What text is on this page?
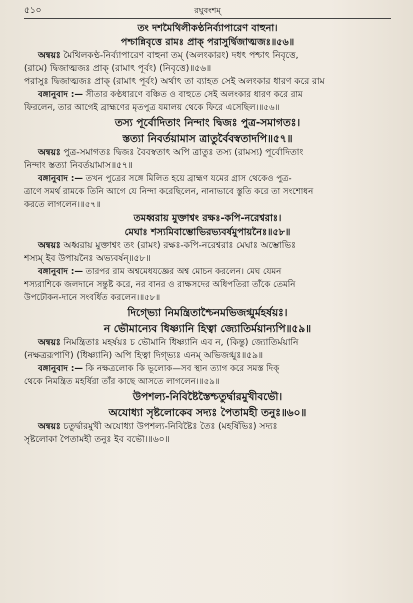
৫১০	রঘুবংশম্
তং দশমৈথিলীকণ্ঠনির্ব্যাপারেণ বাহুনা।
পশ্চান্নিবৃত্তে রামঃ প্রাক্ পরাসুর্দ্বিজাত্মজঃ॥৫৬॥
অন্বয়ঃ মৈথিলকণ্ঠ-নির্ব্যাপারেণ বাহুনা তম্ (অলংকারং) দধৎ পশ্চাৎ নিবৃত্তে,
(রামে) দ্বিজাত্মজঃ প্রাক্ (রামাৎ পূর্বং) (নিবৃত্তে)॥৫৬॥
পরাসুঃ দ্বিজাত্মজঃ প্রাক্ (রামাৎ পূর্বং) অর্থাৎ তা ব্যাহত সেই অলংকার ধারণ করে রাম
বঙ্গানুবাদ :— সীতার কণ্ঠধারণে বঞ্চিত ও বাহুতে সেই অলংকার ধারণ করে রাম
ফিরলেন, তার আগেই ব্রাহ্মণের মৃতপুত্র যমালয় থেকে ফিরে এসেছিল।॥৫৬॥
তস্য পূর্বোদিতাং নিন্দাং দ্বিজঃ পুত্র-সমাগতঃ।
স্তত্যা নিবর্তয়ামাস ত্রাতুর্বৈবস্বতাদপি॥৫৭॥
অন্বয়ঃ পুত্র-সমাগতঃ দ্বিজঃ বৈবস্বতাৎ অপি ত্রাতুঃ তস্য (রামস্য) পূর্বোদিতাং
নিন্দাং স্তত্যা নিবর্তয়ামাস॥৫৭॥
বঙ্গানুবাদ :— তখন পুত্রের সঙ্গে মিলিত হয়ে ব্রাহ্মণ যমের গ্রাস থেকেও পুত্র-
ত্রাণে সমর্থ রামকে তিনি আগে যে নিন্দা করেছিলেন, নানাভাবে স্তুতি করে তা সংশোধন
করতে লাগলেন।॥৫৭॥
তমধ্বরায় মুক্তাশ্বং রক্ষঃ-কপি-নরেশ্বরাঃ।
মেঘাঃ শস্যমিবাম্ভোভিরভ্যবর্ষমুপায়নৈঃ॥৫৮॥
অন্বয়ঃ অধ্বরায় মুক্তাশ্বং তং (রামং) রক্ষঃ-কপি-নরেশ্বরাঃ মেঘাঃ অম্ভোভিঃ
শস্যম্ ইব উপায়নৈঃ অভ্যবর্ষন্॥৫৮॥
বঙ্গানুবাদ :— তারপর রাম অশ্বমেধযজ্ঞের অশ্ব মোচন করলেন। মেঘ যেমন
শস্যরাশিকে জলদানে সন্তুষ্ট করে, নর বানর ও রাক্ষসদের অধিপতিরা তাঁকে তেমনি
উপঢৌকন-দানে সংবর্ধিত করলেন।॥৫৮॥
দিগ্ভ্যো নিমন্ত্রিতাশ্চৈনমভিজগ্মুর্মহর্ষয়ঃ।
ন ভৌমান্যেব ধিষ্ণ্যানি হিত্বা জ্যোতির্ময়ান্যপি॥৫৯॥
অন্বয়ঃ নিমন্ত্রিতাঃ মহর্ষয়ঃ চ ভৌমানি ধিষ্ণ্যানি এব ন, (কিন্তু) জ্যোতির্ময়ানি
(নক্ষত্ররূপাণি) (ধিষ্ণ্যানি) অপি হিত্বা দিগ্ভ্যঃ এনম্ অভিজগ্মুঃ॥৫৯॥
বঙ্গানুবাদ :— কি নক্ষত্রলোক কি ভূলোক—সব স্থান ত্যাগ করে সমস্ত দিক্
থেকে নিমন্ত্রিত মহর্ষিরা তাঁর কাছে আসতে লাগলেন।॥৫৯॥
উপশল্য-নিবিষ্টৈস্তৈশ্চতুর্দ্বারমুখীবভৌ।
অযোধ্যা সৃষ্টলোকেব সদ্যঃ পৈতামহী তনুঃ॥৬০॥
অন্বয়ঃ চতুর্দ্বারমুখী অযোধ্যা উপশল্য-নিবিষ্টৈঃ তৈঃ (মহর্ষিভিঃ) সদ্যঃ
সৃষ্টলোকা পৈতামহী তনুঃ ইব বভৌ।॥৬০॥
